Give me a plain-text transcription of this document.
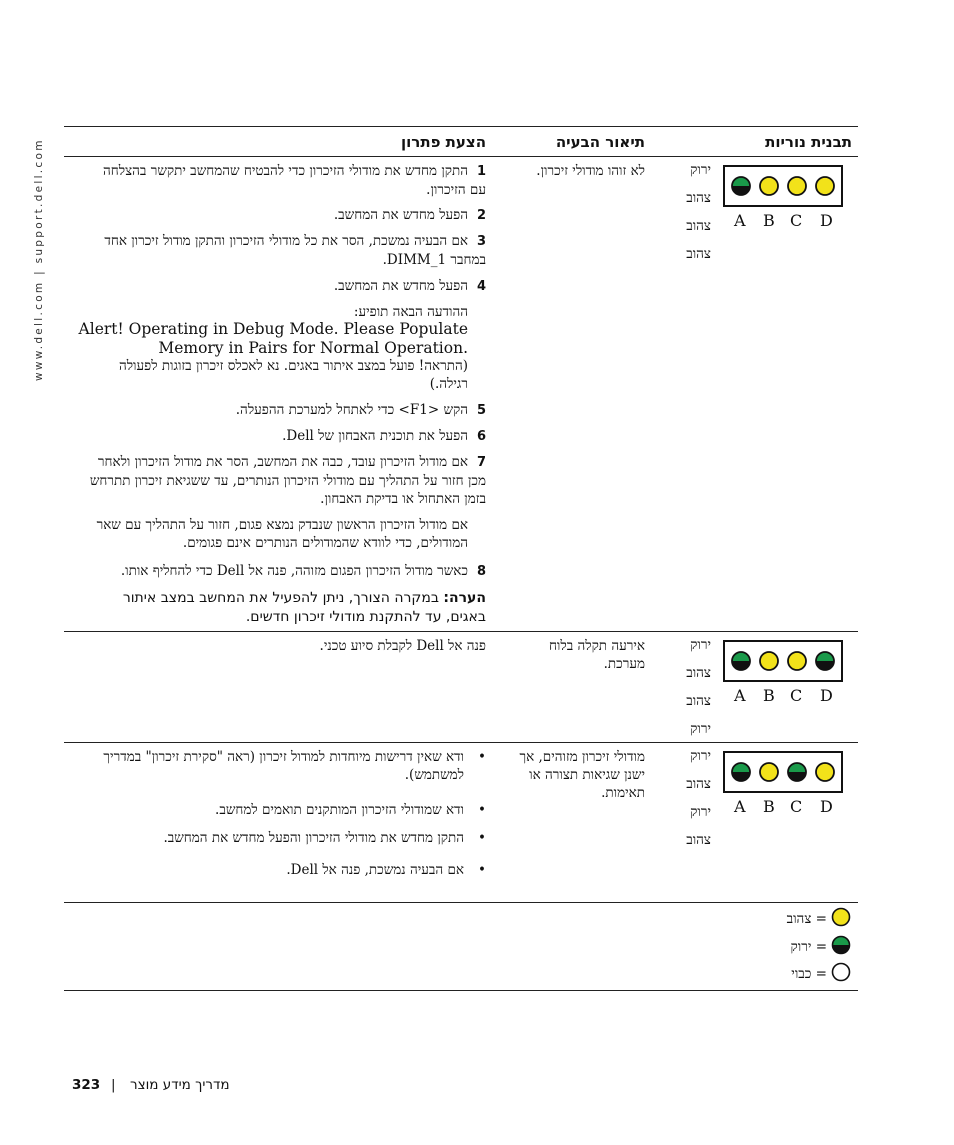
www.dell.com | support.dell.com	תבנית נוריות
תיאור הבעיה
הצעת פתרון
ירוק
צהוב
צהוב
צהוב
A B C D
לא זוהו מודולי זיכרון.
1התקן מחדש את מודולי הזיכרון כדי להבטיח שהמחשב יתקשר בהצלחה עם הזיכרון.
2הפעל מחדש את המחשב.
3אם הבעיה נמשכת, הסר את כל מודולי הזיכרון והתקן מודול זיכרון אחד במחבר DIMM_1.
4הפעל מחדש את המחשב.
ההודעה הבאה תופיע:
Alert! Operating in Debug Mode. Please Populate
Memory in Pairs for Normal Operation.
(התראה! פועל במצב איתור באגים. נא לאכלס זיכרון בזוגות לפעולה רגילה.)
5הקש <F1> כדי לאתחל למערכת ההפעלה.
6הפעל את תוכנית האבחון של Dell.
7אם מודול הזיכרון עובד, כבה את המחשב, הסר את מודול הזיכרון ולאחר מכן חזור על התהליך עם מודולי הזיכרון הנותרים, עד ששגיאת זיכרון תתרחש בזמן האתחול או בדיקת האבחון.
אם מודול הזיכרון הראשון שנבדק נמצא פגום, חזור על התהליך עם שאר המודולים, כדי לוודא שהמודולים הנותרים אינם פגומים.
8כאשר מודול הזיכרון הפגום מזוהה, פנה אל Dell כדי להחליף אותו.
הערה: במקרה הצורך, ניתן להפעיל את המחשב במצב איתור באגים, עד להתקנת מודולי זיכרון חדשים.
ירוק
צהוב
צהוב
ירוק
A B C D
אירעה תקלה בלוח מערכת.
פנה אל Dell לקבלת סיוע טכני.
ירוק
צהוב
ירוק
צהוב
A B C D
מודולי זיכרון מזוהים, אך ישנן שגיאות תצורה או תאימות.
• ודא שאין דרישות מיוחדות למודול זיכרון (ראה "סקירת זיכרון" במדריך למשתמש).
• ודא שמודולי הזיכרון המותקנים תואמים למחשב.
• התקן מחדש את מודולי הזיכרון והפעל מחדש את המחשב.
• אם הבעיה נמשכת, פנה אל Dell.
= צהוב
= ירוק
= כבוי
323 | מדריך מידע מוצר
